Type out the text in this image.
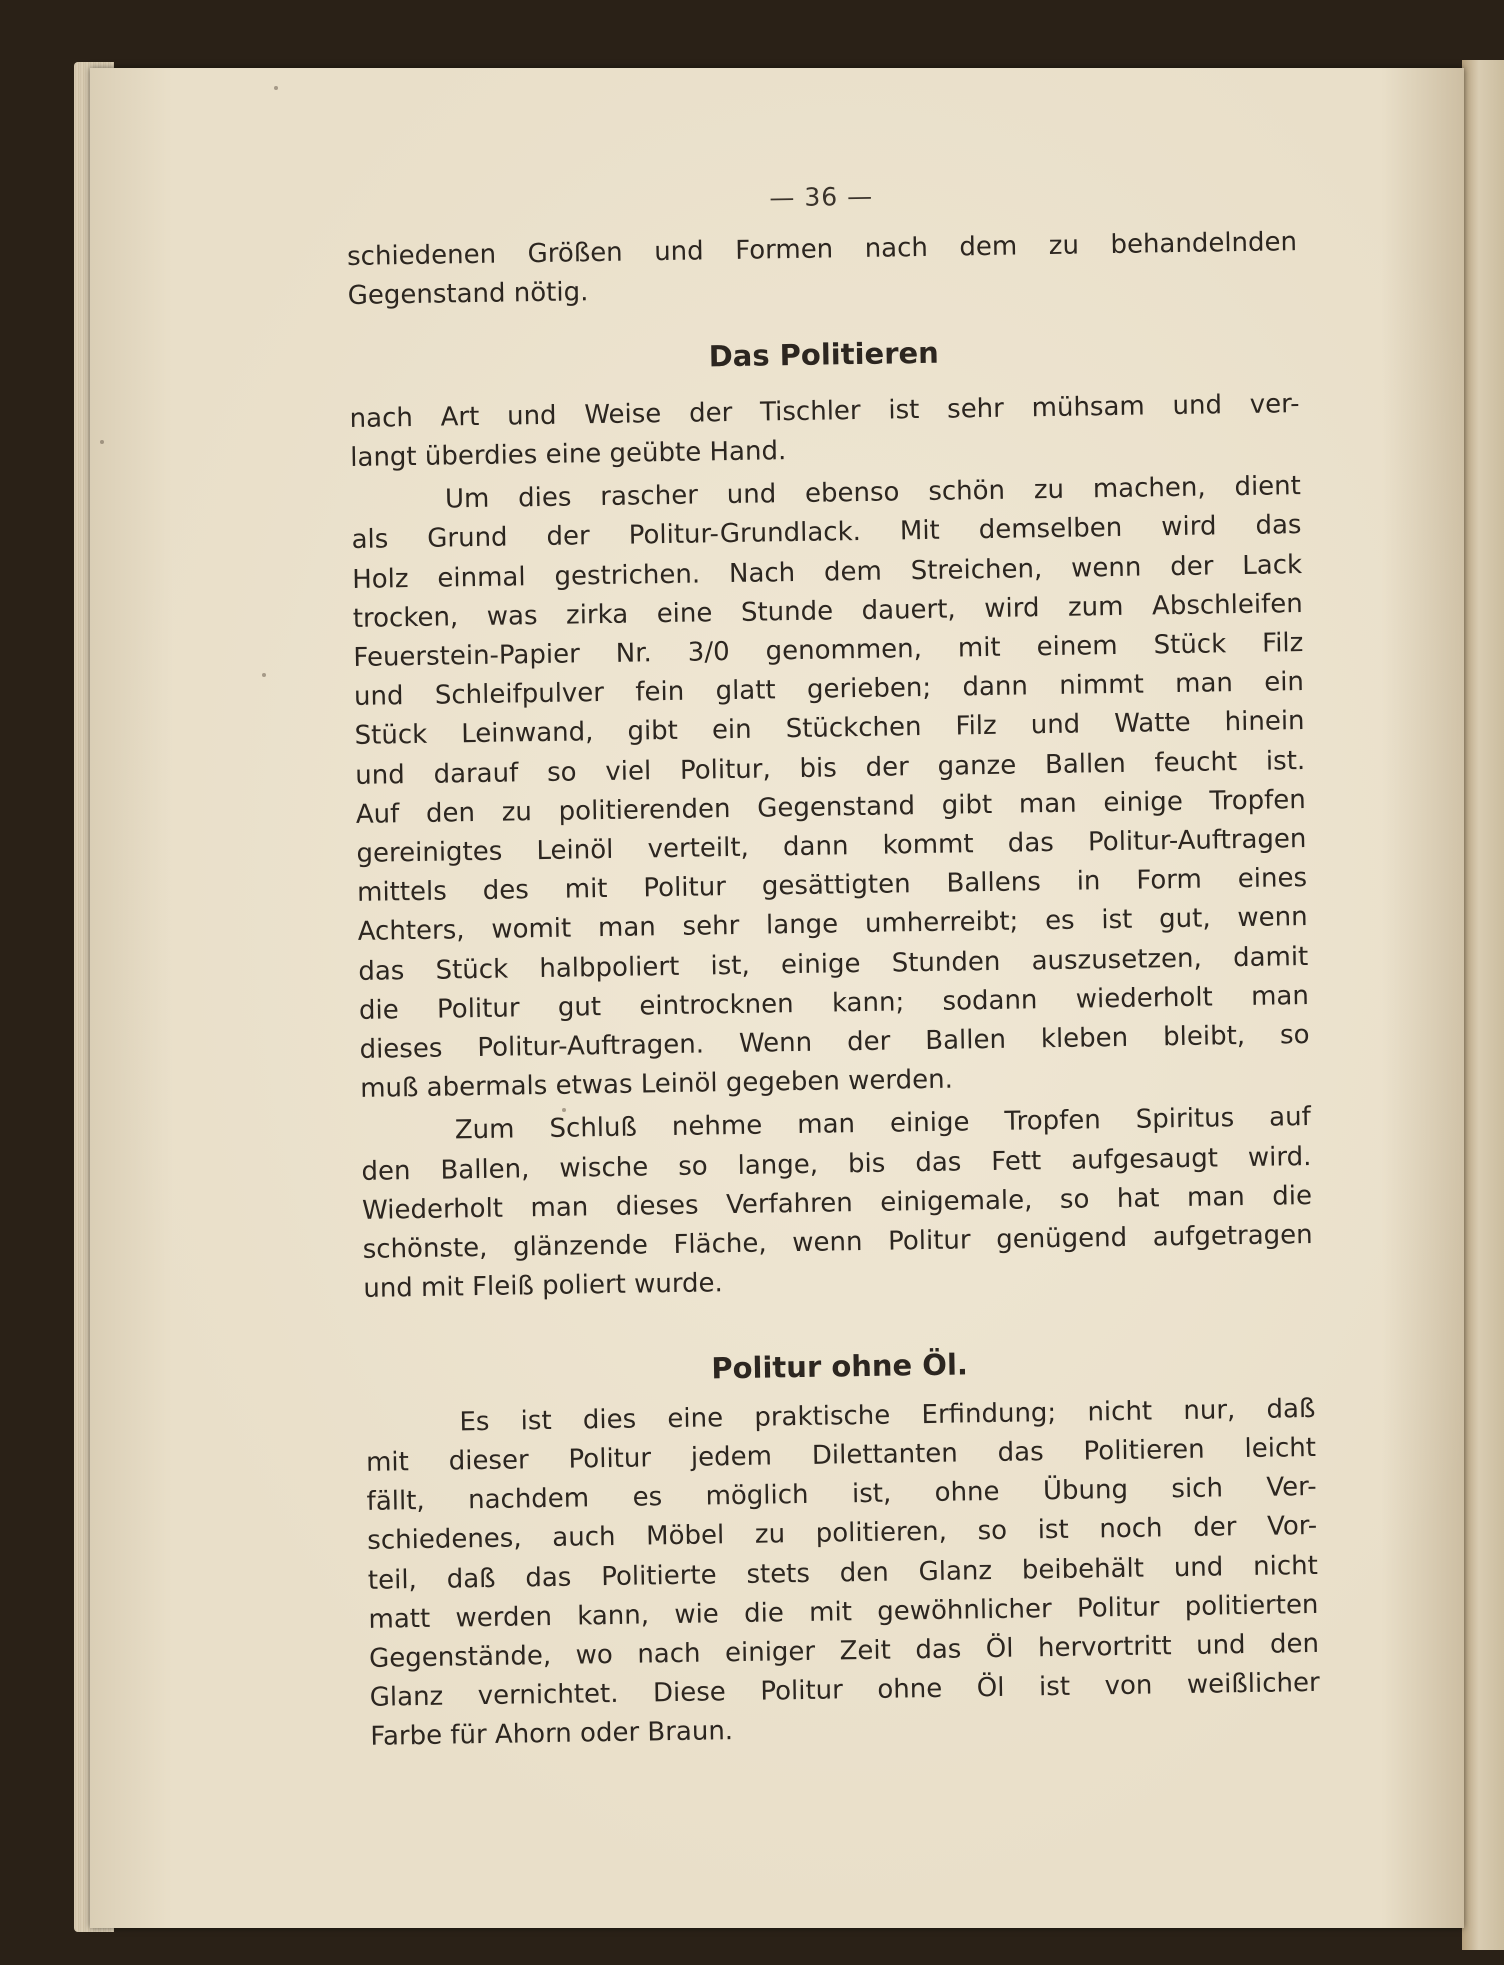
— 36 —
schiedenen Größen und Formen nach dem zu behandelnden
Gegenstand nötig.
Das Politieren
nach Art und Weise der Tischler ist sehr mühsam und ver-
langt überdies eine geübte Hand.
Um dies rascher und ebenso schön zu machen, dient
als Grund der Politur-Grundlack. Mit demselben wird das
Holz einmal gestrichen. Nach dem Streichen, wenn der Lack
trocken, was zirka eine Stunde dauert, wird zum Abschleifen
Feuerstein-Papier Nr. 3/0 genommen, mit einem Stück Filz
und Schleifpulver fein glatt gerieben; dann nimmt man ein
Stück Leinwand, gibt ein Stückchen Filz und Watte hinein
und darauf so viel Politur, bis der ganze Ballen feucht ist.
Auf den zu politierenden Gegenstand gibt man einige Tropfen
gereinigtes Leinöl verteilt, dann kommt das Politur-Auftragen
mittels des mit Politur gesättigten Ballens in Form eines
Achters, womit man sehr lange umherreibt; es ist gut, wenn
das Stück halbpoliert ist, einige Stunden auszusetzen, damit
die Politur gut eintrocknen kann; sodann wiederholt man
dieses Politur-Auftragen. Wenn der Ballen kleben bleibt, so
muß abermals etwas Leinöl gegeben werden.
Zum Schluß nehme man einige Tropfen Spiritus auf
den Ballen, wische so lange, bis das Fett aufgesaugt wird.
Wiederholt man dieses Verfahren einigemale, so hat man die
schönste, glänzende Fläche, wenn Politur genügend aufgetragen
und mit Fleiß poliert wurde.
Politur ohne Öl.
Es ist dies eine praktische Erfindung; nicht nur, daß
mit dieser Politur jedem Dilettanten das Politieren leicht
fällt, nachdem es möglich ist, ohne Übung sich Ver-
schiedenes, auch Möbel zu politieren, so ist noch der Vor-
teil, daß das Politierte stets den Glanz beibehält und nicht
matt werden kann, wie die mit gewöhnlicher Politur politierten
Gegenstände, wo nach einiger Zeit das Öl hervortritt und den
Glanz vernichtet. Diese Politur ohne Öl ist von weißlicher
Farbe für Ahorn oder Braun.
